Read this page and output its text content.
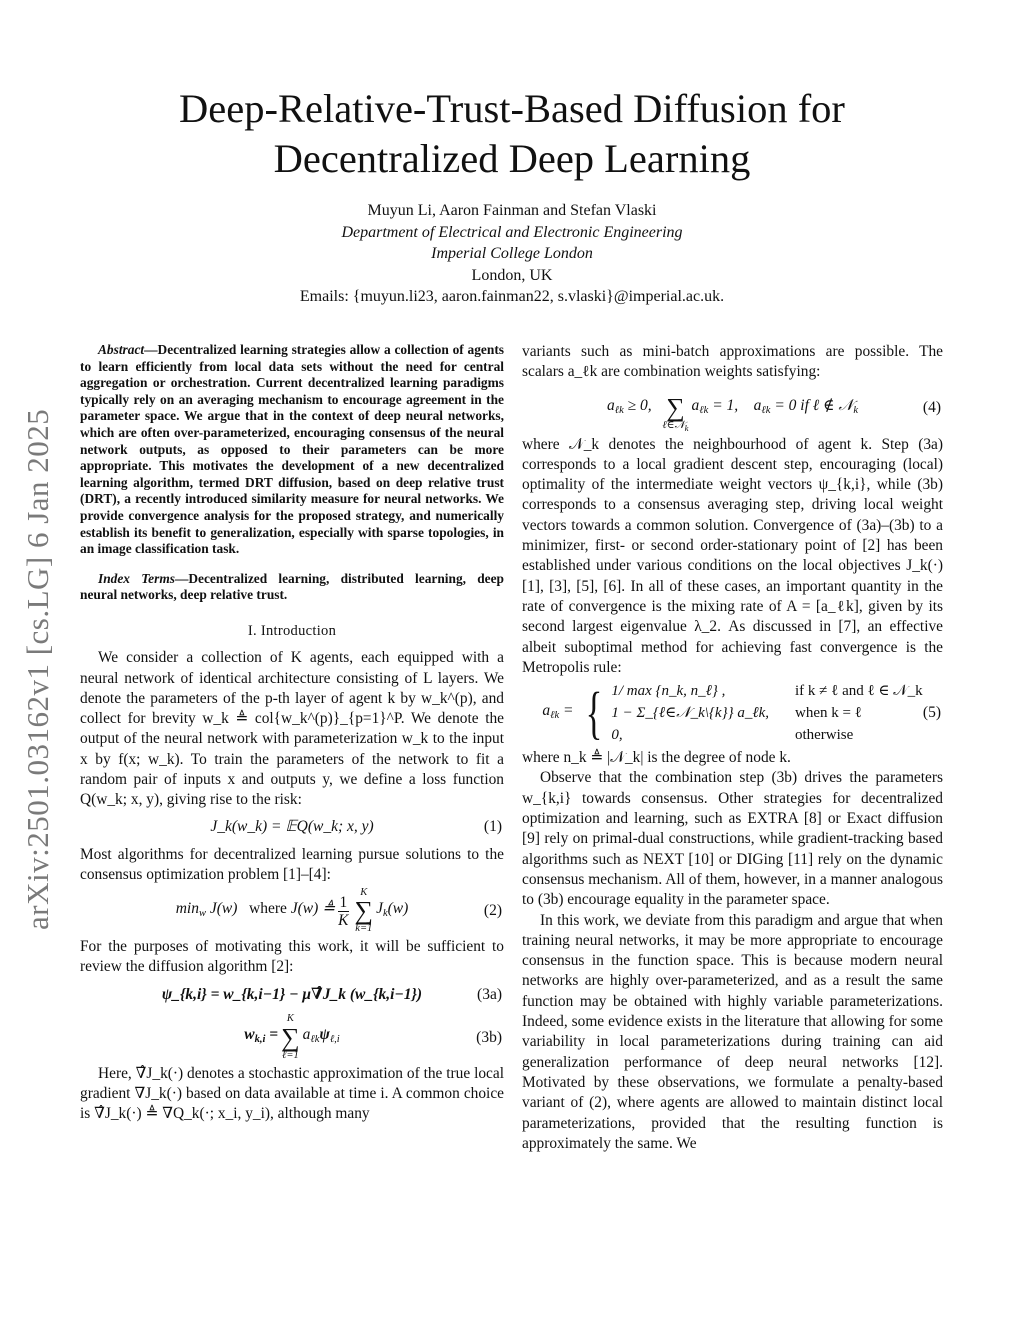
arXiv:2501.03162v1 [cs.LG] 6 Jan 2025
Deep-Relative-Trust-Based Diffusion for
Decentralized Deep Learning
Muyun Li, Aaron Fainman and Stefan Vlaski
Department of Electrical and Electronic Engineering
Imperial College London
London, UK
Emails: {muyun.li23, aaron.fainman22, s.vlaski}@imperial.ac.uk.

Abstract—Decentralized learning strategies allow a collection of agents to learn efficiently from local data sets without the need for central aggregation or orchestration. Current decentralized learning paradigms typically rely on an averaging mechanism to encourage agreement in the parameter space. We argue that in the context of deep neural networks, which are often over-parameterized, encouraging consensus of the neural network outputs, as opposed to their parameters can be more appropriate. This motivates the development of a new decentralized learning algorithm, termed DRT diffusion, based on deep relative trust (DRT), a recently introduced similarity measure for neural networks. We provide convergence analysis for the proposed strategy, and numerically establish its benefit to generalization, especially with sparse topologies, in an image classification task.

Index Terms—Decentralized learning, distributed learning, deep neural networks, deep relative trust.

I. Introduction

We consider a collection of K agents, each equipped with a neural network of identical architecture consisting of L layers. We denote the parameters of the p-th layer of agent k by w_k^(p), and collect for brevity w_k ≜ col{w_k^(p)}_{p=1}^P. We denote the output of the neural network with parameterization w_k to the input x by f(x; w_k). To train the parameters of the network to fit a random pair of inputs x and outputs y, we define a loss function Q(w_k; x, y), giving rise to the risk:

J_k(w_k) = 𝔼Q(w_k; x, y)	(1)

Most algorithms for decentralized learning pursue solutions to the consensus optimization problem [1]–[4]:

$\min_w J(w)$   where J(w) ≜ $\frac{1}{K}$
K
∑
k=1
$J_k(w)$	(2)

For the purposes of motivating this work, it will be sufficient to review the diffusion algorithm [2]:

ψ_{k,i} = w_{k,i−1} − μ∇̂J_k (w_{k,i−1})	(3a)
$w_{k,i}$ =
K
∑
ℓ=1
$a_{\ell k}\psi_{\ell,i}$	(3b)

Here, ∇̂J_k(·) denotes a stochastic approximation of the true local gradient ∇J_k(·) based on data available at time i. A common choice is ∇̂J_k(·) ≜ ∇Q_k(·; x_i, y_i), although many

variants such as mini-batch approximations are possible. The scalars a_ℓk are combination weights satisfying:

$a_{\ell k} \ge 0$,
∑
ℓ∈𝒩$_k$
$a_{\ell k} = 1$,    $a_{\ell k} = 0$ if ℓ ∉ 𝒩$_k$	(4)

where 𝒩_k denotes the neighbourhood of agent k. Step (3a) corresponds to a local gradient descent step, encouraging (local) optimality of the intermediate weight vectors ψ_{k,i}, while (3b) corresponds to a consensus averaging step, driving local weight vectors towards a common solution. Convergence of (3a)–(3b) to a minimizer, first- or second order-stationary point of [2] has been established under various conditions on the local objectives J_k(·) [1], [3], [5], [6]. In all of these cases, an important quantity in the rate of convergence is the mixing rate of A = [a_ℓk], given by its second largest eigenvalue λ_2. As discussed in [7], an effective albeit suboptimal method for achieving fast convergence is the Metropolis rule:

$a_{\ell k}$ = { 1/ max {n_k, n_ℓ} ,	if k ≠ ℓ and ℓ ∈ 𝒩_k
1 − Σ_{ℓ∈𝒩_k\{k}} a_ℓk, when k = ℓ
0,	otherwise
(5)

where n_k ≜ |𝒩_k| is the degree of node k.

Observe that the combination step (3b) drives the parameters w_{k,i} towards consensus. Other strategies for decentralized optimization and learning, such as EXTRA [8] or Exact diffusion [9] rely on primal-dual constructions, while gradient-tracking based algorithms such as NEXT [10] or DIGing [11] rely on the dynamic consensus mechanism. All of them, however, in a manner analogous to (3b) encourage equality in the parameter space.

In this work, we deviate from this paradigm and argue that when training neural networks, it may be more appropriate to encourage consensus in the function space. This is because modern neural networks are highly over-parameterized, and as a result the same function may be obtained with highly variable parameterizations. Indeed, some evidence exists in the literature that allowing for some variability in local parameterizations during training can aid generalization performance of deep neural networks [12]. Motivated by these observations, we formulate a penalty-based variant of (2), where agents are allowed to maintain distinct local parameterizations, provided that the resulting function is approximately the same. We
